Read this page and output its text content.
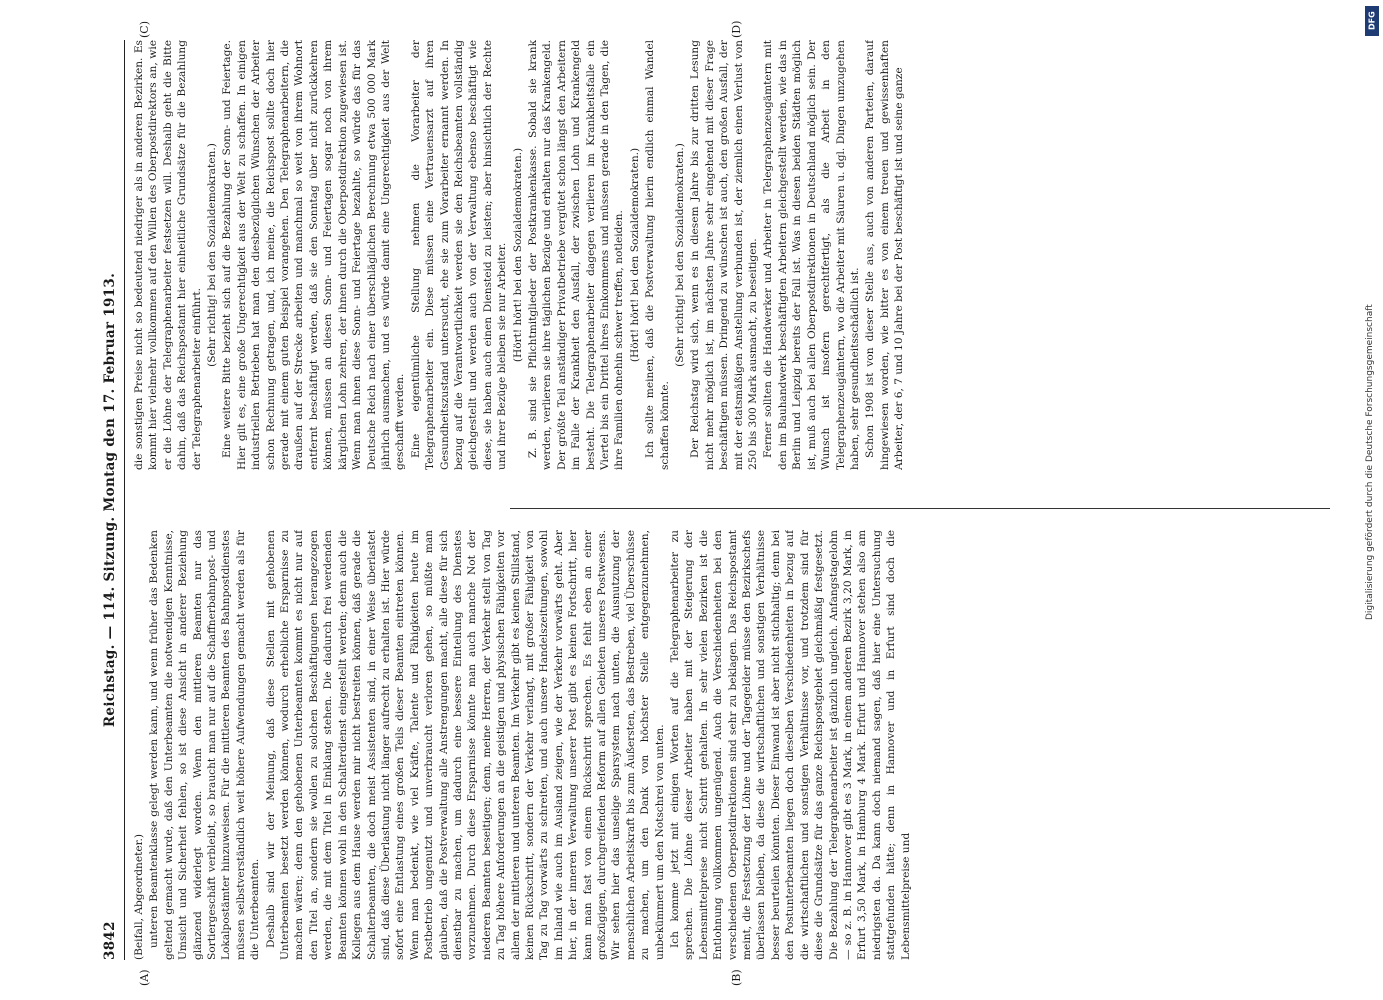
3842
Reichstag. — 114. Sitzung. Montag den 17. Februar 1913.
(A)	(B)
(C)	(D)

(Beifall, Abgeordneter.) unteren Beamtenklasse gelegt werden kann, und wenn früher das Bedenken geltend gemacht wurde, daß den Unterbeamten die notwendigen Kenntnisse, Umsicht und Sicherheit fehlen, so ist diese Ansicht in anderer Beziehung glänzend widerlegt worden. Wenn den mittleren Beamten nur das Sortiergeschäft verbleibt, so braucht man nur auf die Schaffnerbahnpost- und Lokalpostämter hinzuweisen. Für die mittleren Beamten des Bahnpostdienstes müssen selbstverständlich weit höhere Aufwendungen gemacht werden als für die Unterbeamten. Deshalb sind wir der Meinung, daß diese Stellen mit gehobenen Unterbeamten besetzt werden können, wodurch erhebliche Ersparnisse zu machen wären; denn den gehobenen Unterbeamten kommt es nicht nur auf den Titel an, sondern sie wollen zu solchen Beschäftigungen herangezogen werden, die mit dem Titel in Einklang stehen. Die dadurch frei werdenden Beamten können wohl in den Schalterdienst eingestellt werden; denn auch die Kollegen aus dem Hause werden mir nicht bestreiten können, daß gerade die Schalterbeamten, die doch meist Assistenten sind, in einer Weise überlastet sind, daß diese Überlastung nicht länger aufrecht zu erhalten ist. Hier würde sofort eine Entlastung eines großen Teils dieser Beamten eintreten können. Wenn man bedenkt, wie viel Kräfte, Talente und Fähigkeiten heute im Postbetrieb ungenutzt und unverbraucht verloren gehen, so müßte man glauben, daß die Postverwaltung alle Anstrengungen macht, alle diese für sich dienstbar zu machen, um dadurch eine bessere Einteilung des Dienstes vorzunehmen. Durch diese Ersparnisse könnte man auch manche Not der niederen Beamten beseitigen; denn, meine Herren, der Verkehr stellt von Tag zu Tag höhere Anforderungen an die geistigen und physischen Fähigkeiten vor allem der mittleren und unteren Beamten. Im Verkehr gibt es keinen Stillstand, keinen Rückschritt, sondern der Verkehr verlangt, mit großer Fähigkeit von Tag zu Tag vorwärts zu schreiten, und auch unsere Handelszeitungen, sowohl im Inland wie auch im Ausland zeigen, wie der Verkehr vorwärts geht. Aber hier, in der inneren Verwaltung unserer Post gibt es keinen Fortschritt, hier kann man fast von einem Rückschritt sprechen. Es fehlt eben an einer großzügigen, durchgreifenden Reform auf allen Gebieten unseres Postwesens. Wir sehen hier das unselige Sparsystem nach unten, die Ausnutzung der menschlichen Arbeitskraft bis zum Äußersten, das Bestreben, viel Überschüsse zu machen, um den Dank von höchster Stelle entgegenzunehmen, unbekümmert um den Notschrei von unten. Ich komme jetzt mit einigen Worten auf die Telegraphenarbeiter zu sprechen. Die Löhne dieser Arbeiter haben mit der Steigerung der Lebensmittelpreise nicht Schritt gehalten. In sehr vielen Bezirken ist die Entlohnung vollkommen ungenügend. Auch die Verschiedenheiten bei den verschiedenen Oberpostdirektionen sind sehr zu beklagen. Das Reichspostamt meint, die Festsetzung der Löhne und der Tagegelder müsse den Bezirkschefs überlassen bleiben, da diese die wirtschaftlichen und sonstigen Verhältnisse besser beurteilen könnten. Dieser Einwand ist aber nicht stichhaltig; denn bei den Postunterbeamten liegen doch dieselben Verschiedenheiten in bezug auf die wirtschaftlichen und sonstigen Verhältnisse vor, und trotzdem sind für diese die Grundsätze für das ganze Reichspostgebiet gleichmäßig festgesetzt. Die Bezahlung der Telegraphenarbeiter ist gänzlich ungleich. Anfangstagelohn — so z. B. in Hannover gibt es 3 Mark, in einem anderen Bezirk 3,20 Mark, in Erfurt 3,50 Mark, in Hamburg 4 Mark. Erfurt und Hannover stehen also am niedrigsten da. Da kann doch niemand sagen, daß hier eine Untersuchung stattgefunden hätte; denn in Hannover und in Erfurt sind doch die Lebensmittelpreise und

die sonstigen Preise nicht so bedeutend niedriger als in anderen Bezirken. Es kommt hier vielmehr vollkommen auf den Willen des Oberpostdirektors an, wie er die Löhne der Telegraphenarbeiter festsetzen will. Deshalb geht die Bitte dahin, daß das Reichspostamt hier einheitliche Grundsätze für die Bezahlung der Telegraphenarbeiter einführt.

(Sehr richtig! bei den Sozialdemokraten.) Eine weitere Bitte bezieht sich auf die Bezahlung der Sonn- und Feiertage. Hier gilt es, eine große Ungerechtigkeit aus der Welt zu schaffen. In einigen industriellen Betrieben hat man den diesbezüglichen Wünschen der Arbeiter schon Rechnung getragen, und, ich meine, die Reichspost sollte doch hier gerade mit einem guten Beispiel vorangehen. Den Telegraphenarbeitern, die draußen auf der Strecke arbeiten und manchmal so weit von ihrem Wohnort entfernt beschäftigt werden, daß sie den Sonntag über nicht zurückkehren können, müssen an diesen Sonn- und Feiertagen sogar noch von ihrem kärglichen Lohn zehren, der ihnen durch die Oberpostdirektion zugewiesen ist. Wenn man ihnen diese Sonn- und Feiertage bezahlte, so würde das für das Deutsche Reich nach einer überschläglichen Berechnung etwa 500 000 Mark jährlich ausmachen, und es würde damit eine Ungerechtigkeit aus der Welt geschafft werden. Eine eigentümliche Stellung nehmen die Vorarbeiter der Telegraphenarbeiter ein. Diese müssen eine Vertrauensarzt auf ihren Gesundheitszustand untersucht, ehe sie zum Vorarbeiter ernannt werden. In bezug auf die Verantwortlichkeit werden sie den Reichsbeamten vollständig gleichgestellt und werden auch von der Verwaltung ebenso beschäftigt wie diese, sie haben auch einen Diensteid zu leisten; aber hinsichtlich der Rechte und ihrer Bezüge bleiben sie nur Arbeiter. (Hört! hört! bei den Sozialdemokraten.) Z. B. sind sie Pflichtmitglieder der Postkrankenkasse. Sobald sie krank werden, verlieren sie ihre täglichen Bezüge und erhalten nur das Krankengeld. Der größte Teil anständiger Privatbetriebe vergütet schon längst den Arbeitern im Falle der Krankheit den Ausfall, der zwischen Lohn und Krankengeld besteht. Die Telegraphenarbeiter dagegen verlieren im Krankheitsfalle ein Viertel bis ein Drittel ihres Einkommens und müssen gerade in den Tagen, die ihre Familien ohnehin schwer treffen, notleiden. (Hört! hört! bei den Sozialdemokraten.) Ich sollte meinen, daß die Postverwaltung hierin endlich einmal Wandel schaffen könnte.

(Sehr richtig! bei den Sozialdemokraten.) Der Reichstag wird sich, wenn es in diesem Jahre bis zur dritten Lesung nicht mehr möglich ist, im nächsten Jahre sehr eingehend mit dieser Frage beschäftigen müssen. Dringend zu wünschen ist auch, den großen Ausfall, der mit der etatsmäßigen Anstellung verbunden ist, der ziemlich einen Verlust von 250 bis 300 Mark ausmacht, zu beseitigen. Ferner sollten die Handwerker und Arbeiter in Telegraphenzeugämtern mit den im Bauhandwerk beschäftigten Arbeitern gleichgestellt werden, wie das in Berlin und Leipzig bereits der Fall ist. Was in diesen beiden Städten möglich ist, muß auch bei allen Oberpostdirektionen in Deutschland möglich sein. Der Wunsch ist insofern gerechtfertigt, als die Arbeit in den Telegraphenzeugämtern, wo die Arbeiter mit Säuren u. dgl. Dingen umzugehen haben, sehr gesundheitsschädlich ist. Schon 1908 ist von dieser Stelle aus, auch von anderen Parteien, darauf hingewiesen worden, wie bitter es von einem treuen und gewissenhaften Arbeiter, der 6, 7 und 10 Jahre bei der Post beschäftigt ist und seine ganze

DFG
Digitalisierung gefördert durch die Deutsche Forschungsgemeinschaft
